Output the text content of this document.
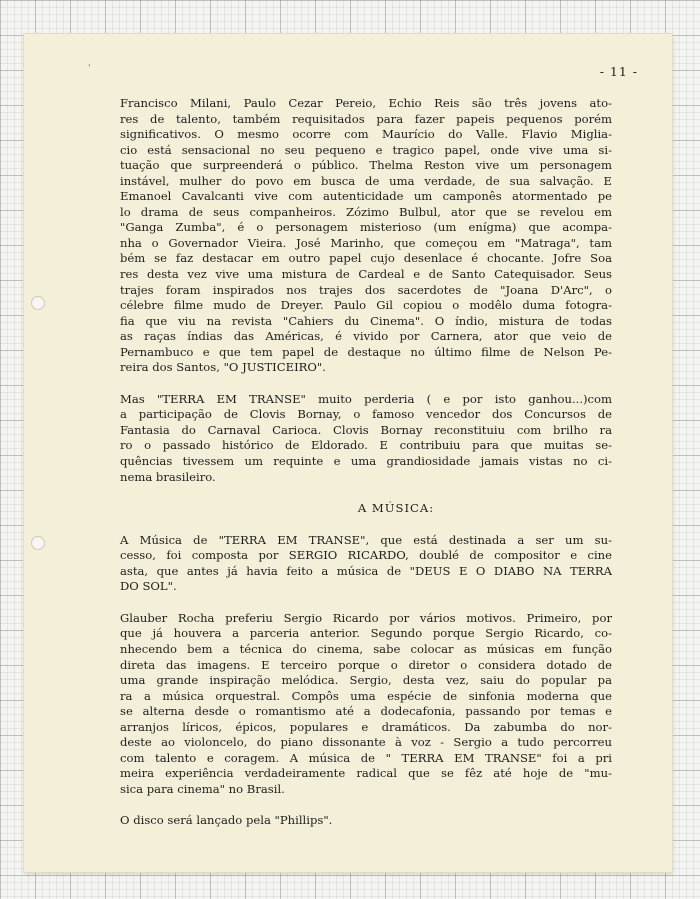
'	- 11 -

Francisco Milani, Paulo Cezar Pereio, Echio Reis são três jovens ato-
res de talento, também requisitados para fazer papeis pequenos porém
significativos. O mesmo ocorre com Maurício do Valle. Flavio Miglia-
cio está sensacional no seu pequeno e tragico papel, onde vive uma si-
tuação que surpreenderá o público. Thelma Reston vive um personagem
instável, mulher do povo em busca de uma verdade, de sua salvação. E
Emanoel Cavalcanti vive com autenticidade um camponês atormentado pe
lo drama de seus companheiros. Zózimo Bulbul, ator que se revelou em
"Ganga Zumba", é o personagem misterioso (um enígma) que acompa-
nha o Governador Vieira. José Marinho, que começou em "Matraga", tam
bém se faz destacar em outro papel cujo desenlace é chocante. Jofre Soa
res desta vez vive uma mistura de Cardeal e de Santo Catequisador. Seus
trajes foram inspirados nos trajes dos sacerdotes de "Joana D'Arc", o
célebre filme mudo de Dreyer. Paulo Gil copiou o modêlo duma fotogra-
fia que viu na revista "Cahiers du Cinema". O índio, mistura de todas
as raças índias das Américas, é vivido por Carnera, ator que veio de
Pernambuco e que tem papel de destaque no último filme de Nelson Pe-
reira dos Santos, "O JUSTICEIRO".

Mas "TERRA EM TRANSE" muito perderia ( e por isto ganhou...)com
a participação de Clovis Bornay, o famoso vencedor dos Concursos de
Fantasia do Carnaval Carioca. Clovis Bornay reconstituiu com brilho ra
ro o passado histórico de Eldorado. E contribuiu para que muitas se-
quências tivessem um requinte e uma grandiosidade jamais vistas no ci-
nema brasileiro.

A MÚSICA:

A Música de "TERRA EM TRANSE", que está destinada a ser um su-
cesso, foi composta por SERGIO RICARDO, doublé de compositor e cine
asta, que antes já havia feito a música de "DEUS E O DIABO NA TERRA
DO SOL".

Glauber Rocha preferiu Sergio Ricardo por vários motivos. Primeiro, por
que já houvera a parceria anterior. Segundo porque Sergio Ricardo, co-
nhecendo bem a técnica do cinema, sabe colocar as músicas em função
direta das imagens. E terceiro porque o diretor o considera dotado de
uma grande inspiração melódica. Sergio, desta vez, saiu do popular pa
ra a música orquestral. Compôs uma espécie de sinfonia moderna que
se alterna desde o romantismo até a dodecafonia, passando por temas e
arranjos líricos, épicos, populares e dramáticos. Da zabumba do nor-
deste ao violoncelo, do piano dissonante à voz - Sergio a tudo percorreu
com talento e coragem. A música de " TERRA EM TRANSE" foi a pri
meira experiência verdadeiramente radical que se fêz até hoje de "mu-
sica para cinema" no Brasil.

O disco será lançado pela "Phillips".
